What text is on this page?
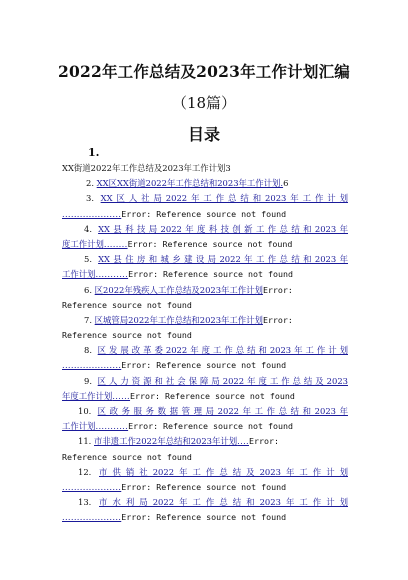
2022年工作总结及2023年工作计划汇编
（18篇）
目录
1.
XX街道2022年工作总结及2023年工作计划3
2. XX区XX街道2022年工作总结和2023年工作计划.6
3. XX区人社局2022年工作总结和2023年工作计划
....................Error: Reference source not found
4. XX县科技局2022年度科技创新工作总结和2023年
度工作计划........Error: Reference source not found
5. XX县住房和城乡建设局2022年工作总结和2023年
工作计划...........Error: Reference source not found
6. 区2022年残疾人工作总结及2023年工作计划Error:
Reference source not found
7. 区城管局2022年工作总结和2023年工作计划Error:
Reference source not found
8. 区发展改革委2022年度工作总结和2023年工作计划
....................Error: Reference source not found
9. 区人力资源和社会保障局2022年度工作总结及2023
年度工作计划......Error: Reference source not found
10. 区政务服务数据管理局2022年工作总结和2023年
工作计划...........Error: Reference source not found
11. 市非遗工作2022年总结和2023年计划....Error:
Reference source not found
12. 市供销社2022年工作总结及2023年工作计划
....................Error: Reference source not found
13. 市水利局2022年工作总结和2023年工作计划
....................Error: Reference source not found
